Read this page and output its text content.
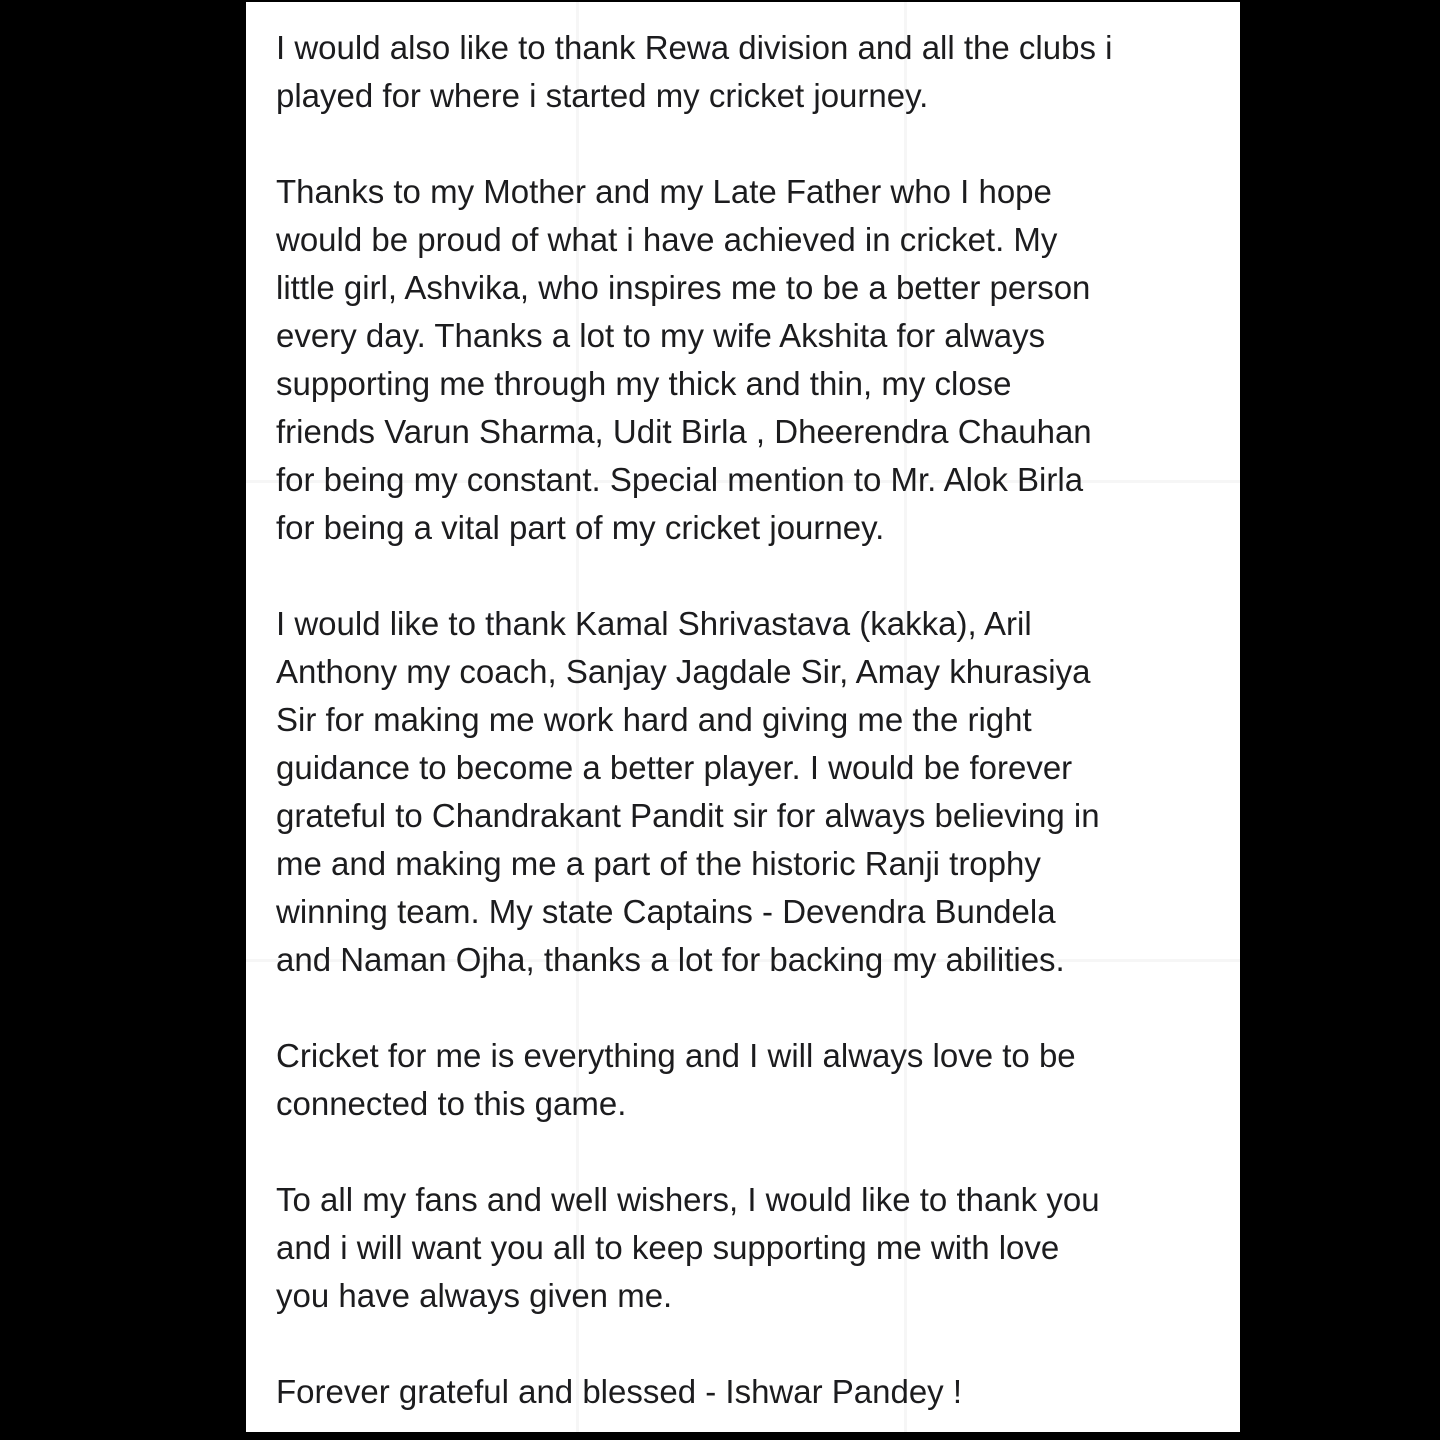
I would also like to thank Rewa division and all the clubs i
played for where i started my cricket journey.

Thanks to my Mother and my Late Father who I hope
would be proud of what i have achieved in cricket. My
little girl, Ashvika, who inspires me to be a better person
every day. Thanks a lot to my wife Akshita for always
supporting me through my thick and thin, my close
friends Varun Sharma, Udit Birla , Dheerendra Chauhan
for being my constant. Special mention to Mr. Alok Birla
for being a vital part of my cricket journey.

I would like to thank Kamal Shrivastava (kakka), Aril
Anthony my coach, Sanjay Jagdale Sir, Amay khurasiya
Sir for making me work hard and giving me the right
guidance to become a better player. I would be forever
grateful to Chandrakant Pandit sir for always believing in
me and making me a part of the historic Ranji trophy
winning team. My state Captains - Devendra Bundela
and Naman Ojha, thanks a lot for backing my abilities.

Cricket for me is everything and I will always love to be
connected to this game.

To all my fans and well wishers, I would like to thank you
and i will want you all to keep supporting me with love
you have always given me.

Forever grateful and blessed - Ishwar Pandey !
